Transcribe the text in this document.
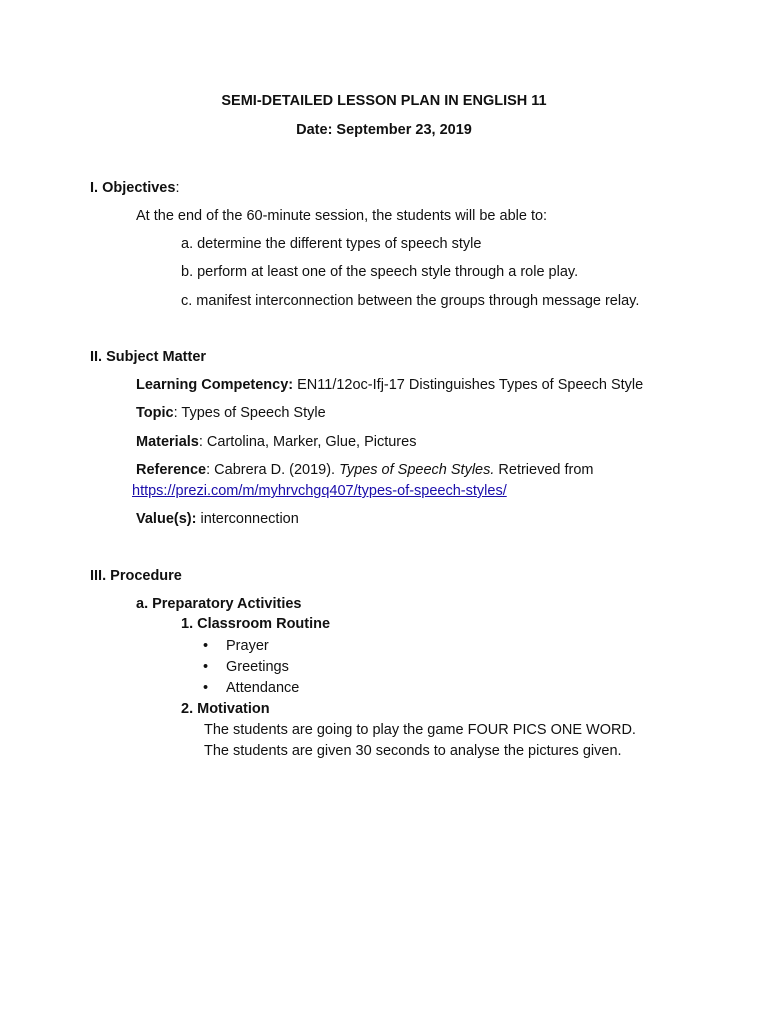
SEMI-DETAILED LESSON PLAN IN ENGLISH 11
Date: September 23, 2019
I. Objectives:
At the end of the 60-minute session, the students will be able to:
a. determine the different types of speech style
b. perform at least one of the speech style through a role play.
c. manifest interconnection between the groups through message relay.
II. Subject Matter
Learning Competency: EN11/12oc-Ifj-17 Distinguishes Types of Speech Style
Topic: Types of Speech Style
Materials: Cartolina, Marker, Glue, Pictures
Reference: Cabrera D. (2019). Types of Speech Styles. Retrieved from
https://prezi.com/m/myhrvchgq407/types-of-speech-styles/
Value(s): interconnection
III. Procedure
a. Preparatory Activities
1. Classroom Routine
• Prayer
• Greetings
• Attendance
2. Motivation
The students are going to play the game FOUR PICS ONE WORD.
The students are given 30 seconds to analyse the pictures given.
